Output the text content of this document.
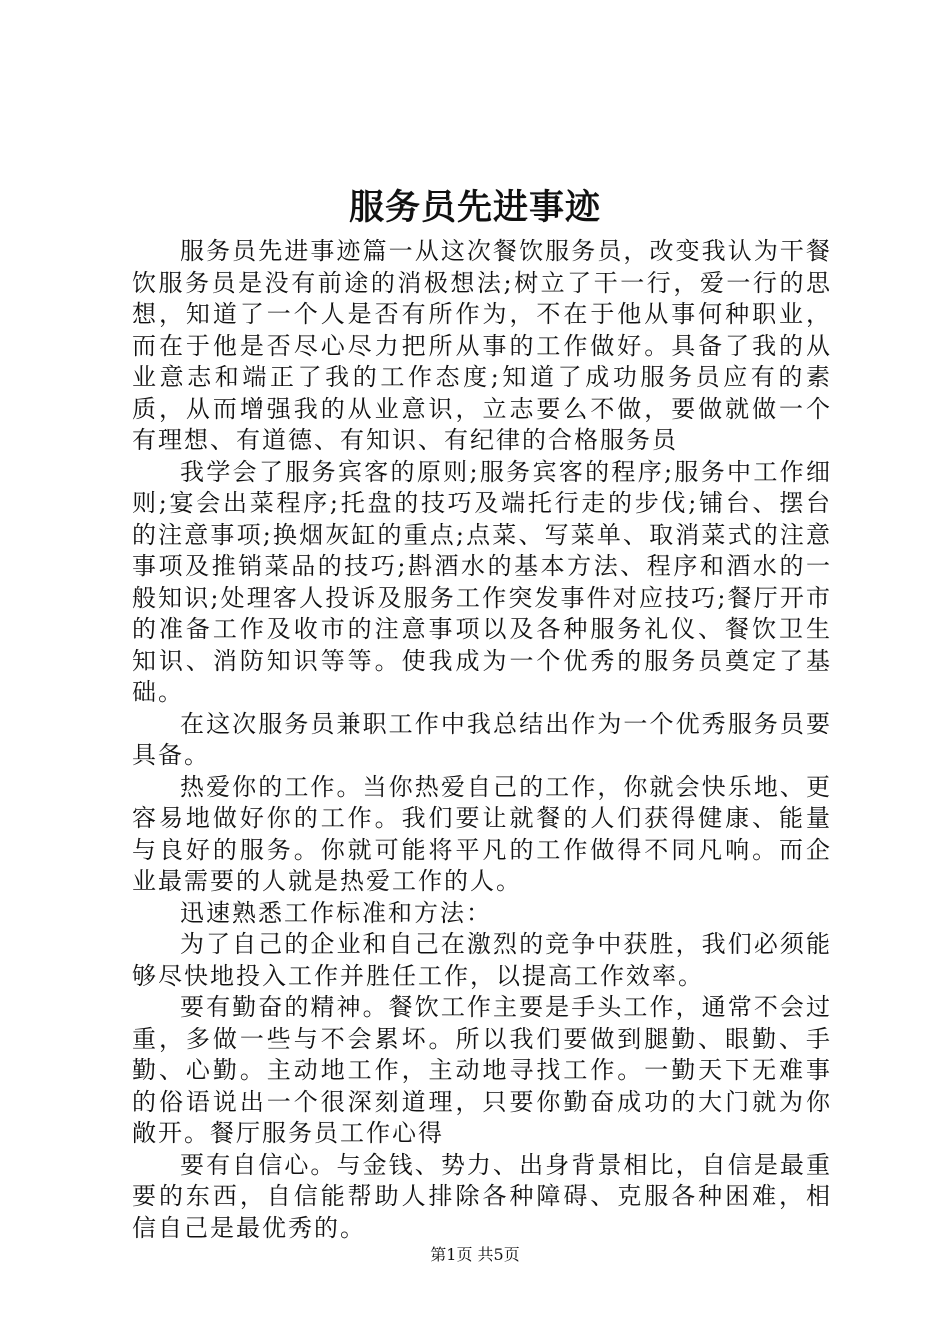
服务员先进事迹

服务员先进事迹篇一从这次餐饮服务员，改变我认为干餐饮服务员是没有前途的消极想法;树立了干一行，爱一行的思想，知道了一个人是否有所作为，不在于他从事何种职业，而在于他是否尽心尽力把所从事的工作做好。具备了我的从业意志和端正了我的工作态度;知道了成功服务员应有的素质，从而增强我的从业意识，立志要么不做，要做就做一个有理想、有道德、有知识、有纪律的合格服务员

我学会了服务宾客的原则;服务宾客的程序;服务中工作细则;宴会出菜程序;托盘的技巧及端托行走的步伐;铺台、摆台的注意事项;换烟灰缸的重点;点菜、写菜单、取消菜式的注意事项及推销菜品的技巧;斟酒水的基本方法、程序和酒水的一般知识;处理客人投诉及服务工作突发事件对应技巧;餐厅开市的准备工作及收市的注意事项以及各种服务礼仪、餐饮卫生知识、消防知识等等。使我成为一个优秀的服务员奠定了基础。

在这次服务员兼职工作中我总结出作为一个优秀服务员要具备。

热爱你的工作。当你热爱自己的工作，你就会快乐地、更容易地做好你的工作。我们要让就餐的人们获得健康、能量与良好的服务。你就可能将平凡的工作做得不同凡响。而企业最需要的人就是热爱工作的人。

迅速熟悉工作标准和方法：

为了自己的企业和自己在激烈的竞争中获胜，我们必须能够尽快地投入工作并胜任工作，以提高工作效率。

要有勤奋的精神。餐饮工作主要是手头工作，通常不会过重，多做一些与不会累坏。所以我们要做到腿勤、眼勤、手勤、心勤。主动地工作，主动地寻找工作。一勤天下无难事的俗语说出一个很深刻道理，只要你勤奋成功的大门就为你敞开。餐厅服务员工作心得

要有自信心。与金钱、势力、出身背景相比，自信是最重要的东西，自信能帮助人排除各种障碍、克服各种困难，相信自己是最优秀的。

第1页 共5页
